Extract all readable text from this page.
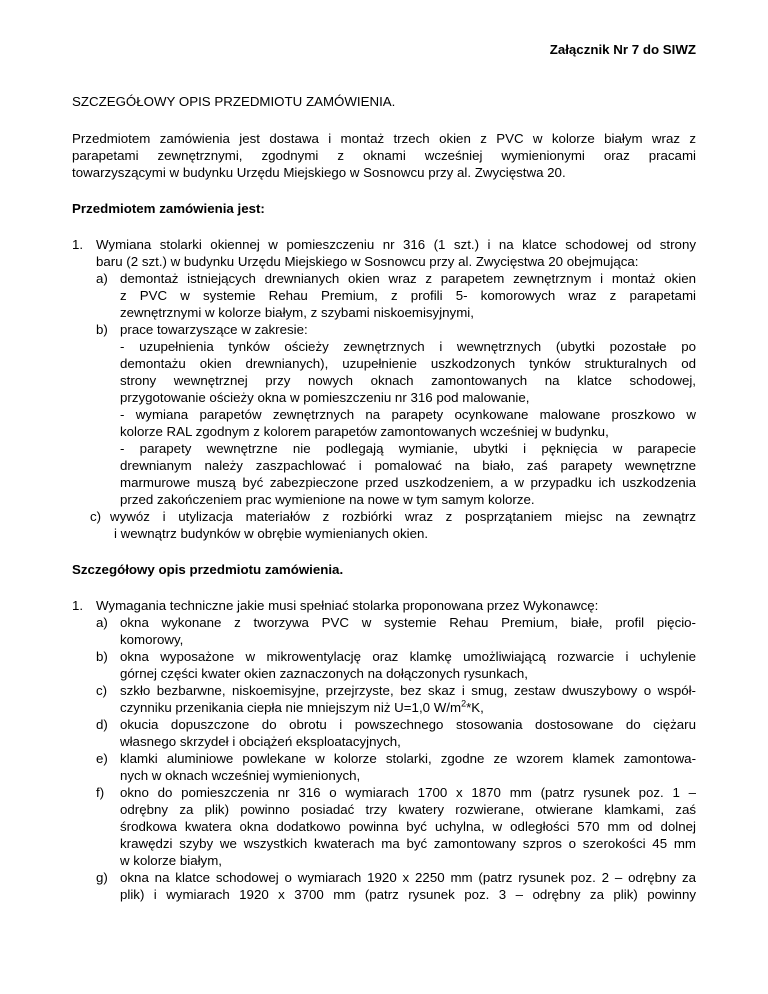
Załącznik Nr 7 do SIWZ
SZCZEGÓŁOWY OPIS PRZEDMIOTU ZAMÓWIENIA.
Przedmiotem zamówienia jest dostawa i montaż trzech okien z PVC w kolorze białym wraz z
parapetami zewnętrznymi, zgodnymi z oknami wcześniej wymienionymi oraz pracami
towarzyszącymi w budynku Urzędu Miejskiego w Sosnowcu przy al. Zwycięstwa 20.
Przedmiotem zamówienia jest:
1. Wymiana stolarki okiennej w pomieszczeniu nr 316 (1 szt.) i na klatce schodowej od strony
baru (2 szt.) w budynku Urzędu Miejskiego w Sosnowcu przy al. Zwycięstwa 20 obejmująca:
a) demontaż istniejących drewnianych okien wraz z parapetem zewnętrznym i montaż okien
z PVC w systemie Rehau Premium, z profili 5- komorowych wraz z parapetami
zewnętrznymi w kolorze białym, z szybami niskoemisyjnymi,
b) prace towarzyszące w zakresie:
- uzupełnienia tynków ościeży zewnętrznych i wewnętrznych (ubytki pozostałe po
demontażu okien drewnianych), uzupełnienie uszkodzonych tynków strukturalnych od
strony wewnętrznej przy nowych oknach zamontowanych na klatce schodowej,
przygotowanie ościeży okna w pomieszczeniu nr 316 pod malowanie,
- wymiana parapetów zewnętrznych na parapety ocynkowane malowane proszkowo w
kolorze RAL zgodnym z kolorem parapetów zamontowanych wcześniej w budynku,
- parapety wewnętrzne nie podlegają wymianie, ubytki i pęknięcia w parapecie
drewnianym należy zaszpachlować i pomalować na biało, zaś parapety wewnętrzne
marmurowe muszą być zabezpieczone przed uszkodzeniem, a w przypadku ich uszkodzenia
przed zakończeniem prac wymienione na nowe w tym samym kolorze.
c) wywóz i utylizacja materiałów z rozbiórki wraz z posprzątaniem miejsc na zewnątrz
i wewnątrz budynków w obrębie wymienianych okien.
Szczegółowy opis przedmiotu zamówienia.
1. Wymagania techniczne jakie musi spełniać stolarka proponowana przez Wykonawcę:
a) okna wykonane z tworzywa PVC w systemie Rehau Premium, białe, profil pięcio-
komorowy,
b) okna wyposażone w mikrowentylację oraz klamkę umożliwiającą rozwarcie i uchylenie
górnej części kwater okien zaznaczonych na dołączonych rysunkach,
c) szkło bezbarwne, niskoemisyjne, przejrzyste, bez skaz i smug, zestaw dwuszybowy o współ-
czynniku przenikania ciepła nie mniejszym niż U=1,0 $W/m^2*K$,
d) okucia dopuszczone do obrotu i powszechnego stosowania dostosowane do ciężaru
własnego skrzydeł i obciążeń eksploatacyjnych,
e) klamki aluminiowe powlekane w kolorze stolarki, zgodne ze wzorem klamek zamontowa-
nych w oknach wcześniej wymienionych,
f) okno do pomieszczenia nr 316 o wymiarach 1700 x 1870 mm (patrz rysunek poz. 1 –
odrębny za plik) powinno posiadać trzy kwatery rozwierane, otwierane klamkami, zaś
środkowa kwatera okna dodatkowo powinna być uchylna, w odległości 570 mm od dolnej
krawędzi szyby we wszystkich kwaterach ma być zamontowany szpros o szerokości 45 mm
w kolorze białym,
g) okna na klatce schodowej o wymiarach 1920 x 2250 mm (patrz rysunek poz. 2 – odrębny za
plik) i wymiarach 1920 x 3700 mm (patrz rysunek poz. 3 – odrębny za plik) powinny
